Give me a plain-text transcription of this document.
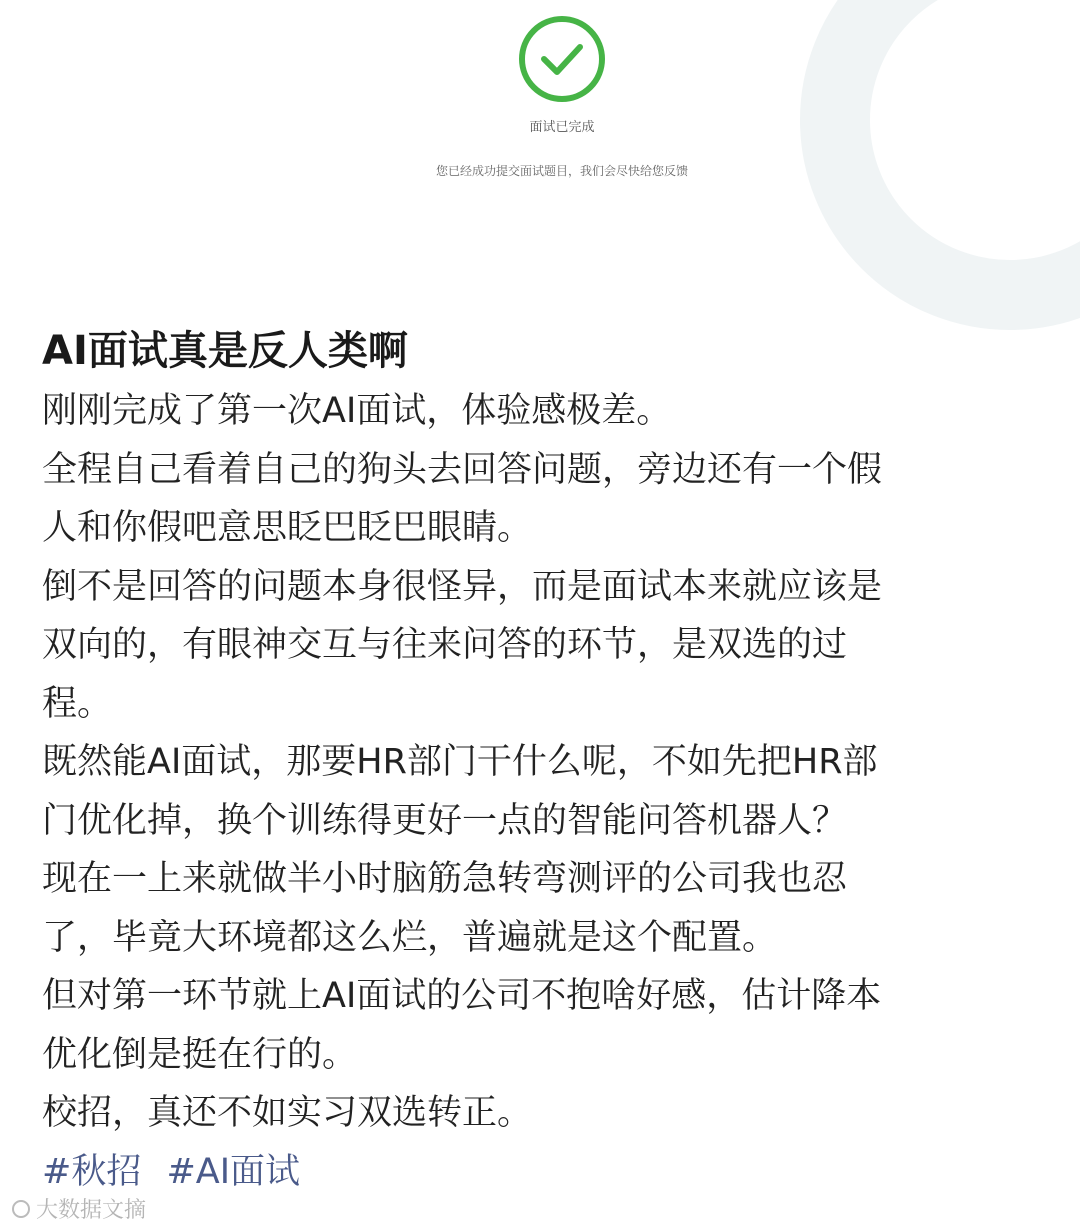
面试已完成
您已经成功提交面试题目，我们会尽快给您反馈
AI面试真是反人类啊
刚刚完成了第一次AI面试，体验感极差。
全程自己看着自己的狗头去回答问题，旁边还有一个假
人和你假吧意思眨巴眨巴眼睛。
倒不是回答的问题本身很怪异，而是面试本来就应该是
双向的，有眼神交互与往来问答的环节，是双选的过
程。
既然能AI面试，那要HR部门干什么呢，不如先把HR部
门优化掉，换个训练得更好一点的智能问答机器人？
现在一上来就做半小时脑筋急转弯测评的公司我也忍
了，毕竟大环境都这么烂，普遍就是这个配置。
但对第一环节就上AI面试的公司不抱啥好感，估计降本
优化倒是挺在行的。
校招，真还不如实习双选转正。
#秋招 #AI面试
大数据文摘
